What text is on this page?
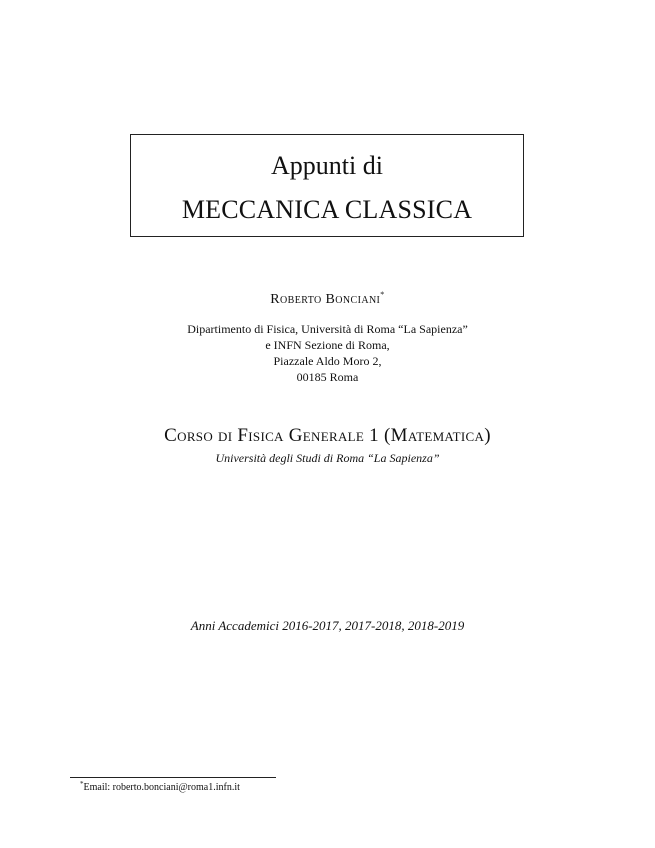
Appunti di
MECCANICA CLASSICA
Roberto Bonciani*
Dipartimento di Fisica, Università di Roma “La Sapienza”
e INFN Sezione di Roma,
Piazzale Aldo Moro 2,
00185 Roma
Corso di Fisica Generale 1 (Matematica)
Università degli Studi di Roma “La Sapienza”
Anni Accademici 2016-2017, 2017-2018, 2018-2019
*Email: roberto.bonciani@roma1.infn.it
